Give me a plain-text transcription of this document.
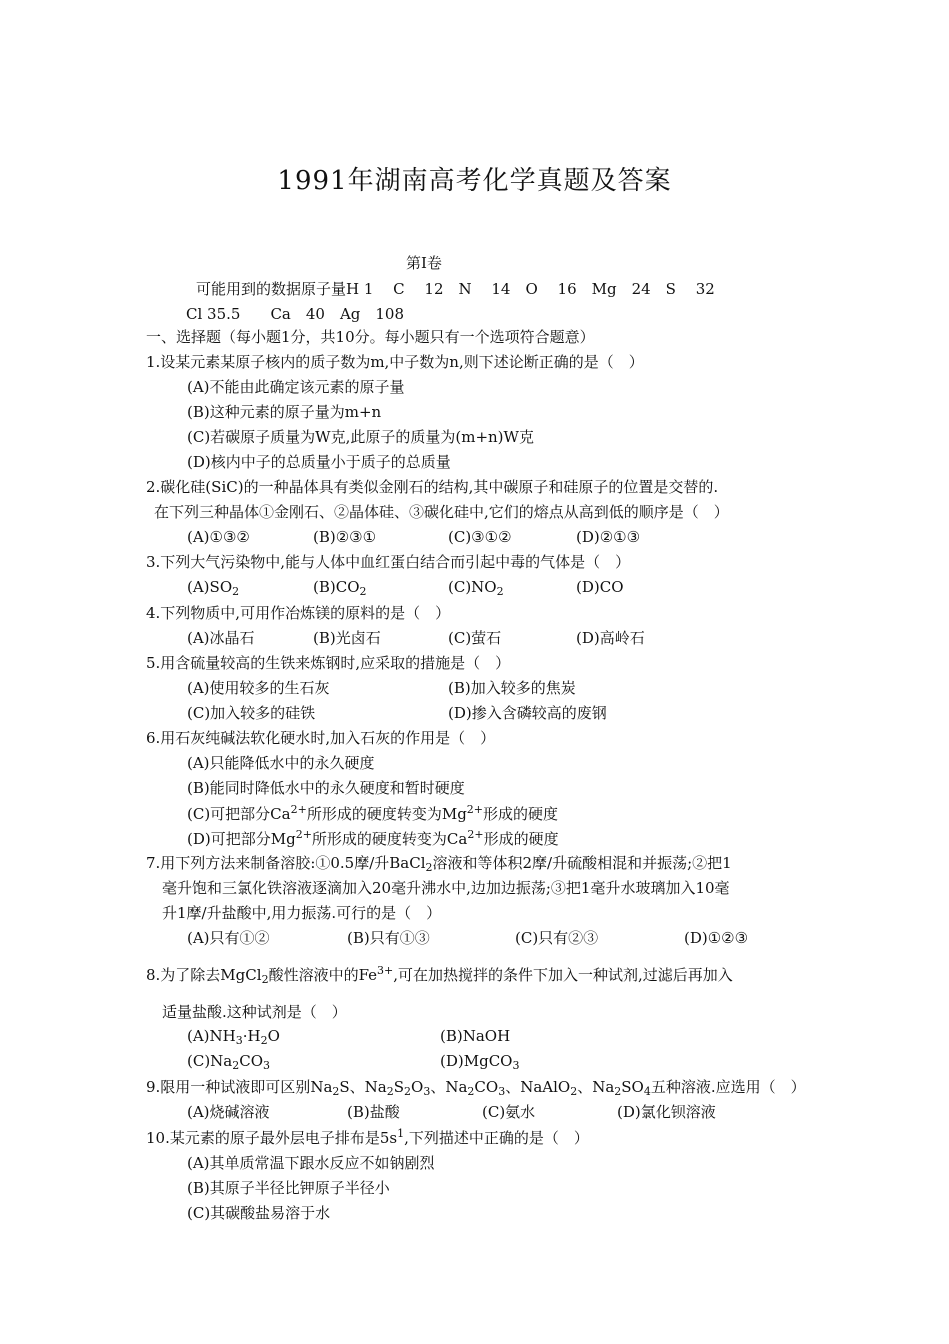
1991年湖南高考化学真题及答案
第Ⅰ卷
可能用到的数据原子量H 1　 C　 12　N　 14　O　 16　Mg　24　S　 32
Cl 35.5　　Ca　40　Ag　108
一、选择题（每小题1分，共10分。每小题只有一个选项符合题意）
1.设某元素某原子核内的质子数为m,中子数为n,则下述论断正确的是（　）
(A)不能由此确定该元素的原子量
(B)这种元素的原子量为m+n
(C)若碳原子质量为W克,此原子的质量为(m+n)W克
(D)核内中子的总质量小于质子的总质量
2.碳化硅(SiC)的一种晶体具有类似金刚石的结构,其中碳原子和硅原子的位置是交替的.
在下列三种晶体①金刚石、②晶体硅、③碳化硅中,它们的熔点从高到低的顺序是（　）
(A)①③②	(B)②③①	(C)③①②	(D)②①③
3.下列大气污染物中,能与人体中血红蛋白结合而引起中毒的气体是（　）
$(A)SO_2$	$(B)CO_2$	$(C)NO_2$	(D)CO
4.下列物质中,可用作冶炼镁的原料的是（　）
(A)冰晶石	(B)光卤石	(C)萤石	(D)高岭石
5.用含硫量较高的生铁来炼钢时,应采取的措施是（　）
(A)使用较多的生石灰	(B)加入较多的焦炭
(C)加入较多的硅铁	(D)掺入含磷较高的废钢
6.用石灰纯碱法软化硬水时,加入石灰的作用是（　）
(A)只能降低水中的永久硬度
(B)能同时降低水中的永久硬度和暂时硬度
(C)可把部分$Ca^{2+}$所形成的硬度转变为$Mg^{2+}$形成的硬度
(D)可把部分$Mg^{2+}$所形成的硬度转变为$Ca^{2+}$形成的硬度
7.用下列方法来制备溶胶:①0.5摩/升BaCl$_2$溶液和等体积2摩/升硫酸相混和并振荡;②把1
毫升饱和三氯化铁溶液逐滴加入20毫升沸水中,边加边振荡;③把1毫升水玻璃加入10毫
升1摩/升盐酸中,用力振荡.可行的是（　）
(A)只有①②	(B)只有①③	(C)只有②③	(D)①②③
8.为了除去MgCl$_2$酸性溶液中的$Fe^{3+}$,可在加热搅拌的条件下加入一种试剂,过滤后再加入
适量盐酸.这种试剂是（　）
$(A)NH_3\cdot H_2O$	(B)NaOH
$(C)Na_2CO_3$	(D)MgCO$_3$
9.限用一种试液即可区别$Na_2S$、$Na_2S_2O_3$、$Na_2CO_3$、NaAlO$_2$、$Na_2SO_4$五种溶液.应选用（　）
(A)烧碱溶液	(B)盐酸	(C)氨水	(D)氯化钡溶液
10.某元素的原子最外层电子排布是$5s^1$,下列描述中正确的是（　）
(A)其单质常温下跟水反应不如钠剧烈
(B)其原子半径比钾原子半径小
(C)其碳酸盐易溶于水
